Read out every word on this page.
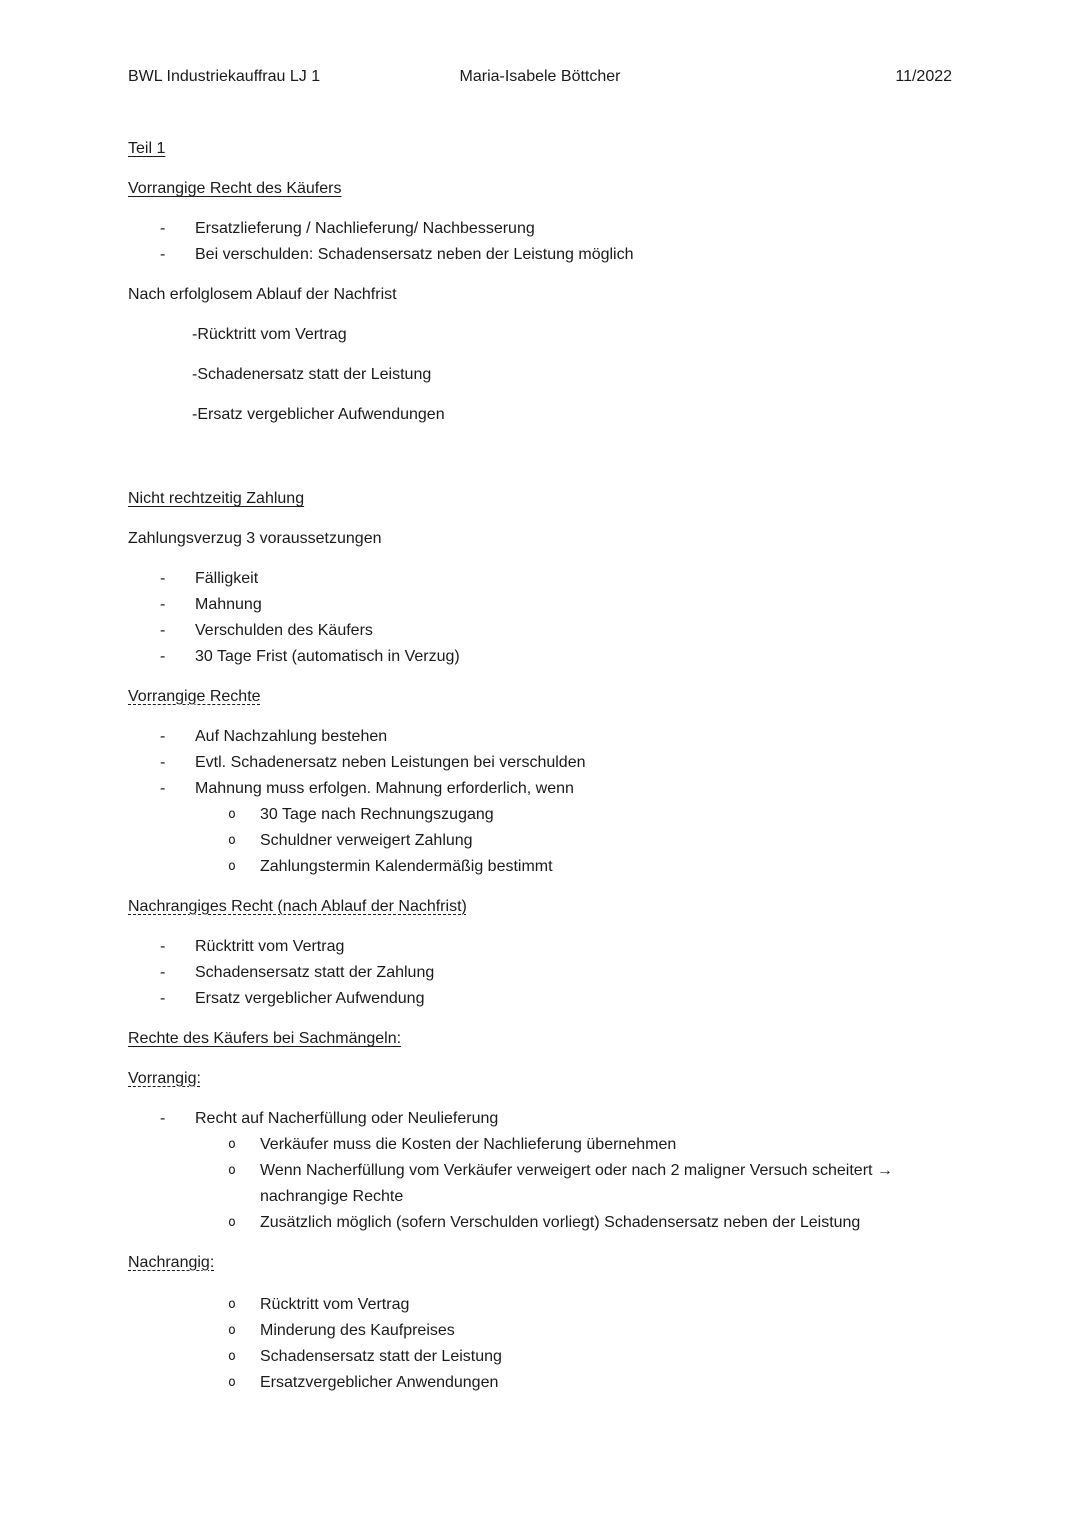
BWL Industriekauffrau LJ 1	Maria-Isabele Böttcher	11/2022

Teil 1

Vorrangige Recht des Käufers

-	Ersatzlieferung / Nachlieferung/ Nachbesserung
-	Bei verschulden: Schadensersatz neben der Leistung möglich

Nach erfolglosem Ablauf der Nachfrist

-Rücktritt vom Vertrag

-Schadenersatz statt der Leistung

-Ersatz vergeblicher Aufwendungen

Nicht rechtzeitig Zahlung

Zahlungsverzug 3 voraussetzungen

-	Fälligkeit
-	Mahnung
-	Verschulden des Käufers
-	30 Tage Frist (automatisch in Verzug)

Vorrangige Rechte

-	Auf Nachzahlung bestehen
-	Evtl. Schadenersatz neben Leistungen bei verschulden
-	Mahnung muss erfolgen. Mahnung erforderlich, wenn
o	30 Tage nach Rechnungszugang
o	Schuldner verweigert Zahlung
o	Zahlungstermin Kalendermäßig bestimmt

Nachrangiges Recht (nach Ablauf der Nachfrist)

-	Rücktritt vom Vertrag
-	Schadensersatz statt der Zahlung
-	Ersatz vergeblicher Aufwendung

Rechte des Käufers bei Sachmängeln:

Vorrangig:

-	Recht auf Nacherfüllung oder Neulieferung
o	Verkäufer muss die Kosten der Nachlieferung übernehmen
o	Wenn Nacherfüllung vom Verkäufer verweigert oder nach 2 maligner Versuch scheitert → nachrangige Rechte
o	Zusätzlich möglich (sofern Verschulden vorliegt) Schadensersatz neben der Leistung

Nachrangig:

o	Rücktritt vom Vertrag
o	Minderung des Kaufpreises
o	Schadensersatz statt der Leistung
o	Ersatzvergeblicher Anwendungen
